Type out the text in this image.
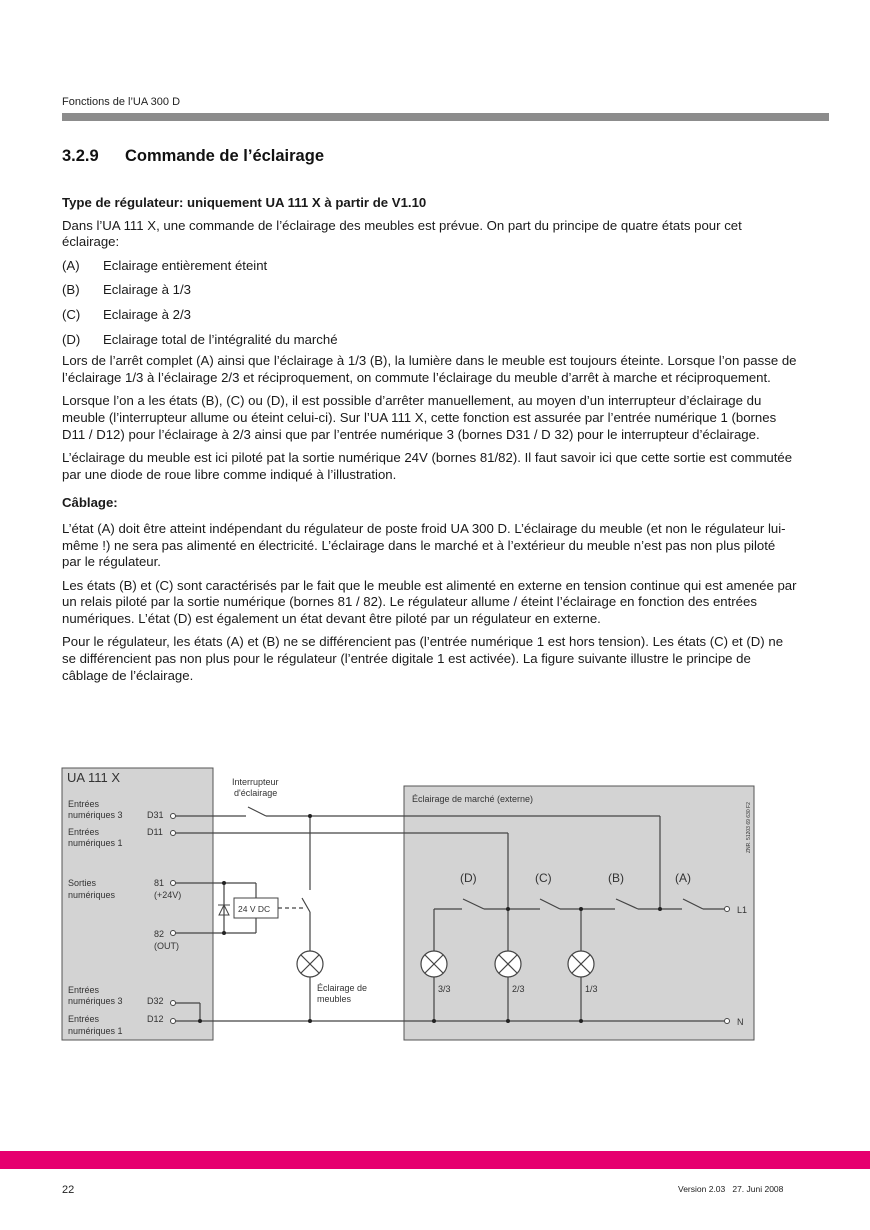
Fonctions de l’UA 300 D
3.2.9 Commande de l’éclairage

Type de régulateur: uniquement UA 111 X à partir de V1.10

Dans l’UA 111 X, une commande de l’éclairage des meubles est prévue. On part du principe de quatre états pour cet éclairage:

(A)	Eclairage entièrement éteint
(B)	Eclairage à 1/3
(C)	Eclairage à 2/3
(D)	Eclairage total de l’intégralité du marché

Lors de l’arrêt complet (A) ainsi que l’éclairage à 1/3 (B), la lumière dans le meuble est toujours éteinte. Lorsque l’on passe de l’éclairage 1/3 à l’éclairage 2/3 et réciproquement, on commute l’éclairage du meuble d’arrêt à marche et réciproquement.

Lorsque l’on a les états (B), (C) ou (D), il est possible d’arrêter manuellement, au moyen d’un interrupteur d’éclairage du meuble (l’interrupteur allume ou éteint celui-ci). Sur l’UA 111 X, cette fonction est assurée par l’entrée numérique 1 (bornes D11 / D12) pour l’éclairage à 2/3 ainsi que par l’entrée numérique 3 (bornes D31 / D 32) pour le interrupteur d’éclairage.

L’éclairage du meuble est ici piloté pat la sortie numérique 24V (bornes 81/82). Il faut savoir ici que cette sortie est commutée par une diode de roue libre comme indiqué à l’illustration.

Câblage:

L’état (A) doit être atteint indépendant du régulateur de poste froid UA 300 D. L’éclairage du meuble (et non le régulateur lui-même !) ne sera pas alimenté en électricité. L’éclairage dans le marché et à l’extérieur du meuble n’est pas non plus piloté par le régulateur.

Les états (B) et (C) sont caractérisés par le fait que le meuble est alimenté en externe en tension continue qui est amenée par un relais piloté par la sortie numérique (bornes 81 / 82). Le régulateur allume / éteint l’éclairage en fonction des entrées numériques. L’état (D) est également un état devant être piloté par un régulateur en externe.

Pour le régulateur, les états (A) et (B) ne se différencient pas (l’entrée numérique 1 est hors tension). Les états (C) et (D) ne se différencient pas non plus pour le régulateur (l’entrée digitale 1 est activée). La figure suivante illustre le principe de câblage de l’éclairage.

UA 111 X
Entrées
numériques 3	D31
Entrées
numériques 1
D11
Sorties
numériques
81
(+24V)
82
(OUT)
Entrées
numériques 3	D32
Entrées
numériques 1
D12
24 V DC
Interrupteur
d'éclairage
Éclairage de
meubles
Éclairage de marché (externe)
ZNR. 51203 69 630 F2
(D)	(C)	(B)	(A)
3/3	2/3	1/3
L1
N
22	Version 2.03   27. Juni 2008
